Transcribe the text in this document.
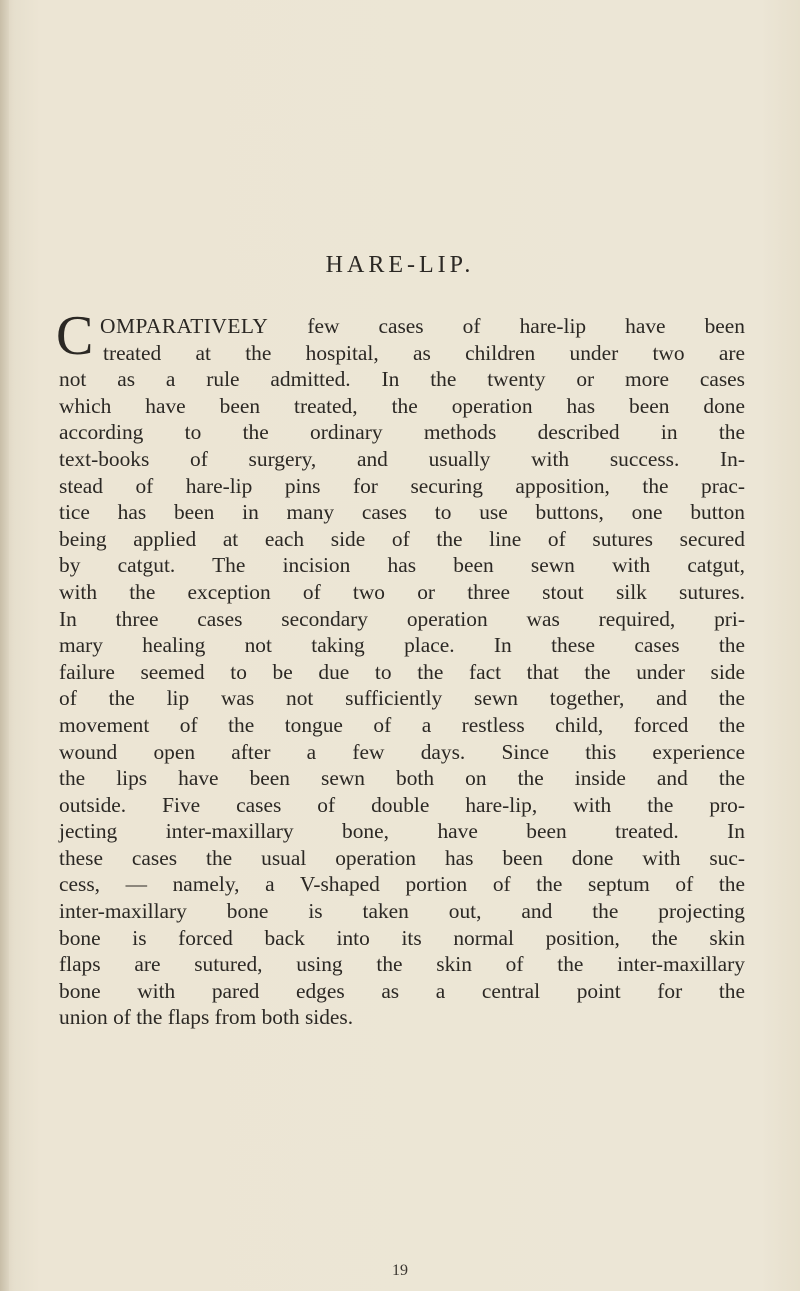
HARE-LIP.
C OMPARATIVELY few cases of hare-lip have been
treated at the hospital, as children under two are
not as a rule admitted. In the twenty or more cases
which have been treated, the operation has been done
according to the ordinary methods described in the
text-books of surgery, and usually with success. In-
stead of hare-lip pins for securing apposition, the prac-
tice has been in many cases to use buttons, one button
being applied at each side of the line of sutures secured
by catgut. The incision has been sewn with catgut,
with the exception of two or three stout silk sutures.
In three cases secondary operation was required, pri-
mary healing not taking place. In these cases the
failure seemed to be due to the fact that the under side
of the lip was not sufficiently sewn together, and the
movement of the tongue of a restless child, forced the
wound open after a few days. Since this experience
the lips have been sewn both on the inside and the
outside. Five cases of double hare-lip, with the pro-
jecting inter-maxillary bone, have been treated. In
these cases the usual operation has been done with suc-
cess, — namely, a V-shaped portion of the septum of the
inter-maxillary bone is taken out, and the projecting
bone is forced back into its normal position, the skin
flaps are sutured, using the skin of the inter-maxillary
bone with pared edges as a central point for the
union of the flaps from both sides.
19
